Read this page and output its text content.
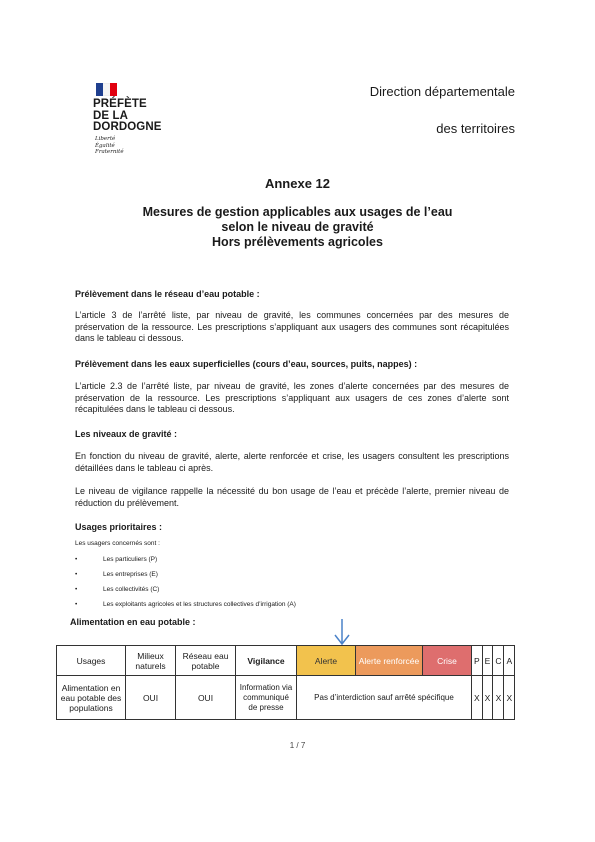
PRÉFÈTE
DE LA
DORDOGNE
Liberté
Égalité
Fraternité
Direction départementale
des territoires
Annexe 12
Mesures de gestion applicables aux usages de l’eau
selon le niveau de gravité
Hors prélèvements agricoles
Prélèvement dans le réseau d’eau potable :
L’article 3 de l’arrêté liste, par niveau de gravité, les communes concernées par des mesures de préservation de la ressource. Les prescriptions s’appliquant aux usagers des communes sont récapitulées dans le tableau ci dessous.
Prélèvement dans les eaux superficielles (cours d’eau, sources, puits, nappes) :
L’article 2.3 de l’arrêté liste, par niveau de gravité, les zones d’alerte concernées par des mesures de préservation de la ressource. Les prescriptions s’appliquant aux usagers de ces zones d’alerte sont récapitulées dans le tableau ci dessous.
Les niveaux de gravité :
En fonction du niveau de gravité, alerte, alerte renforcée et crise, les usagers consultent les prescriptions détaillées dans le tableau ci après.
Le niveau de vigilance rappelle la nécessité du bon usage de l’eau et précède l’alerte, premier niveau de réduction du prélèvement.
Usages prioritaires :
Les usagers concernés sont :
•	Les particuliers (P)
•	Les entreprises (E)
•	Les collectivités (C)
•	Les exploitants agricoles et les structures collectives d’irrigation (A)
Alimentation en eau potable :
Usages	Milieux naturels	Réseau eau potable	Vigilance	Alerte	Alerte renforcée	Crise	P	E	C	A
Alimentation en eau potable des populations	OUI	OUI	Information via communiqué de presse	Pas d’interdiction sauf arrêté spécifique			X	X	X	X
1 / 7
